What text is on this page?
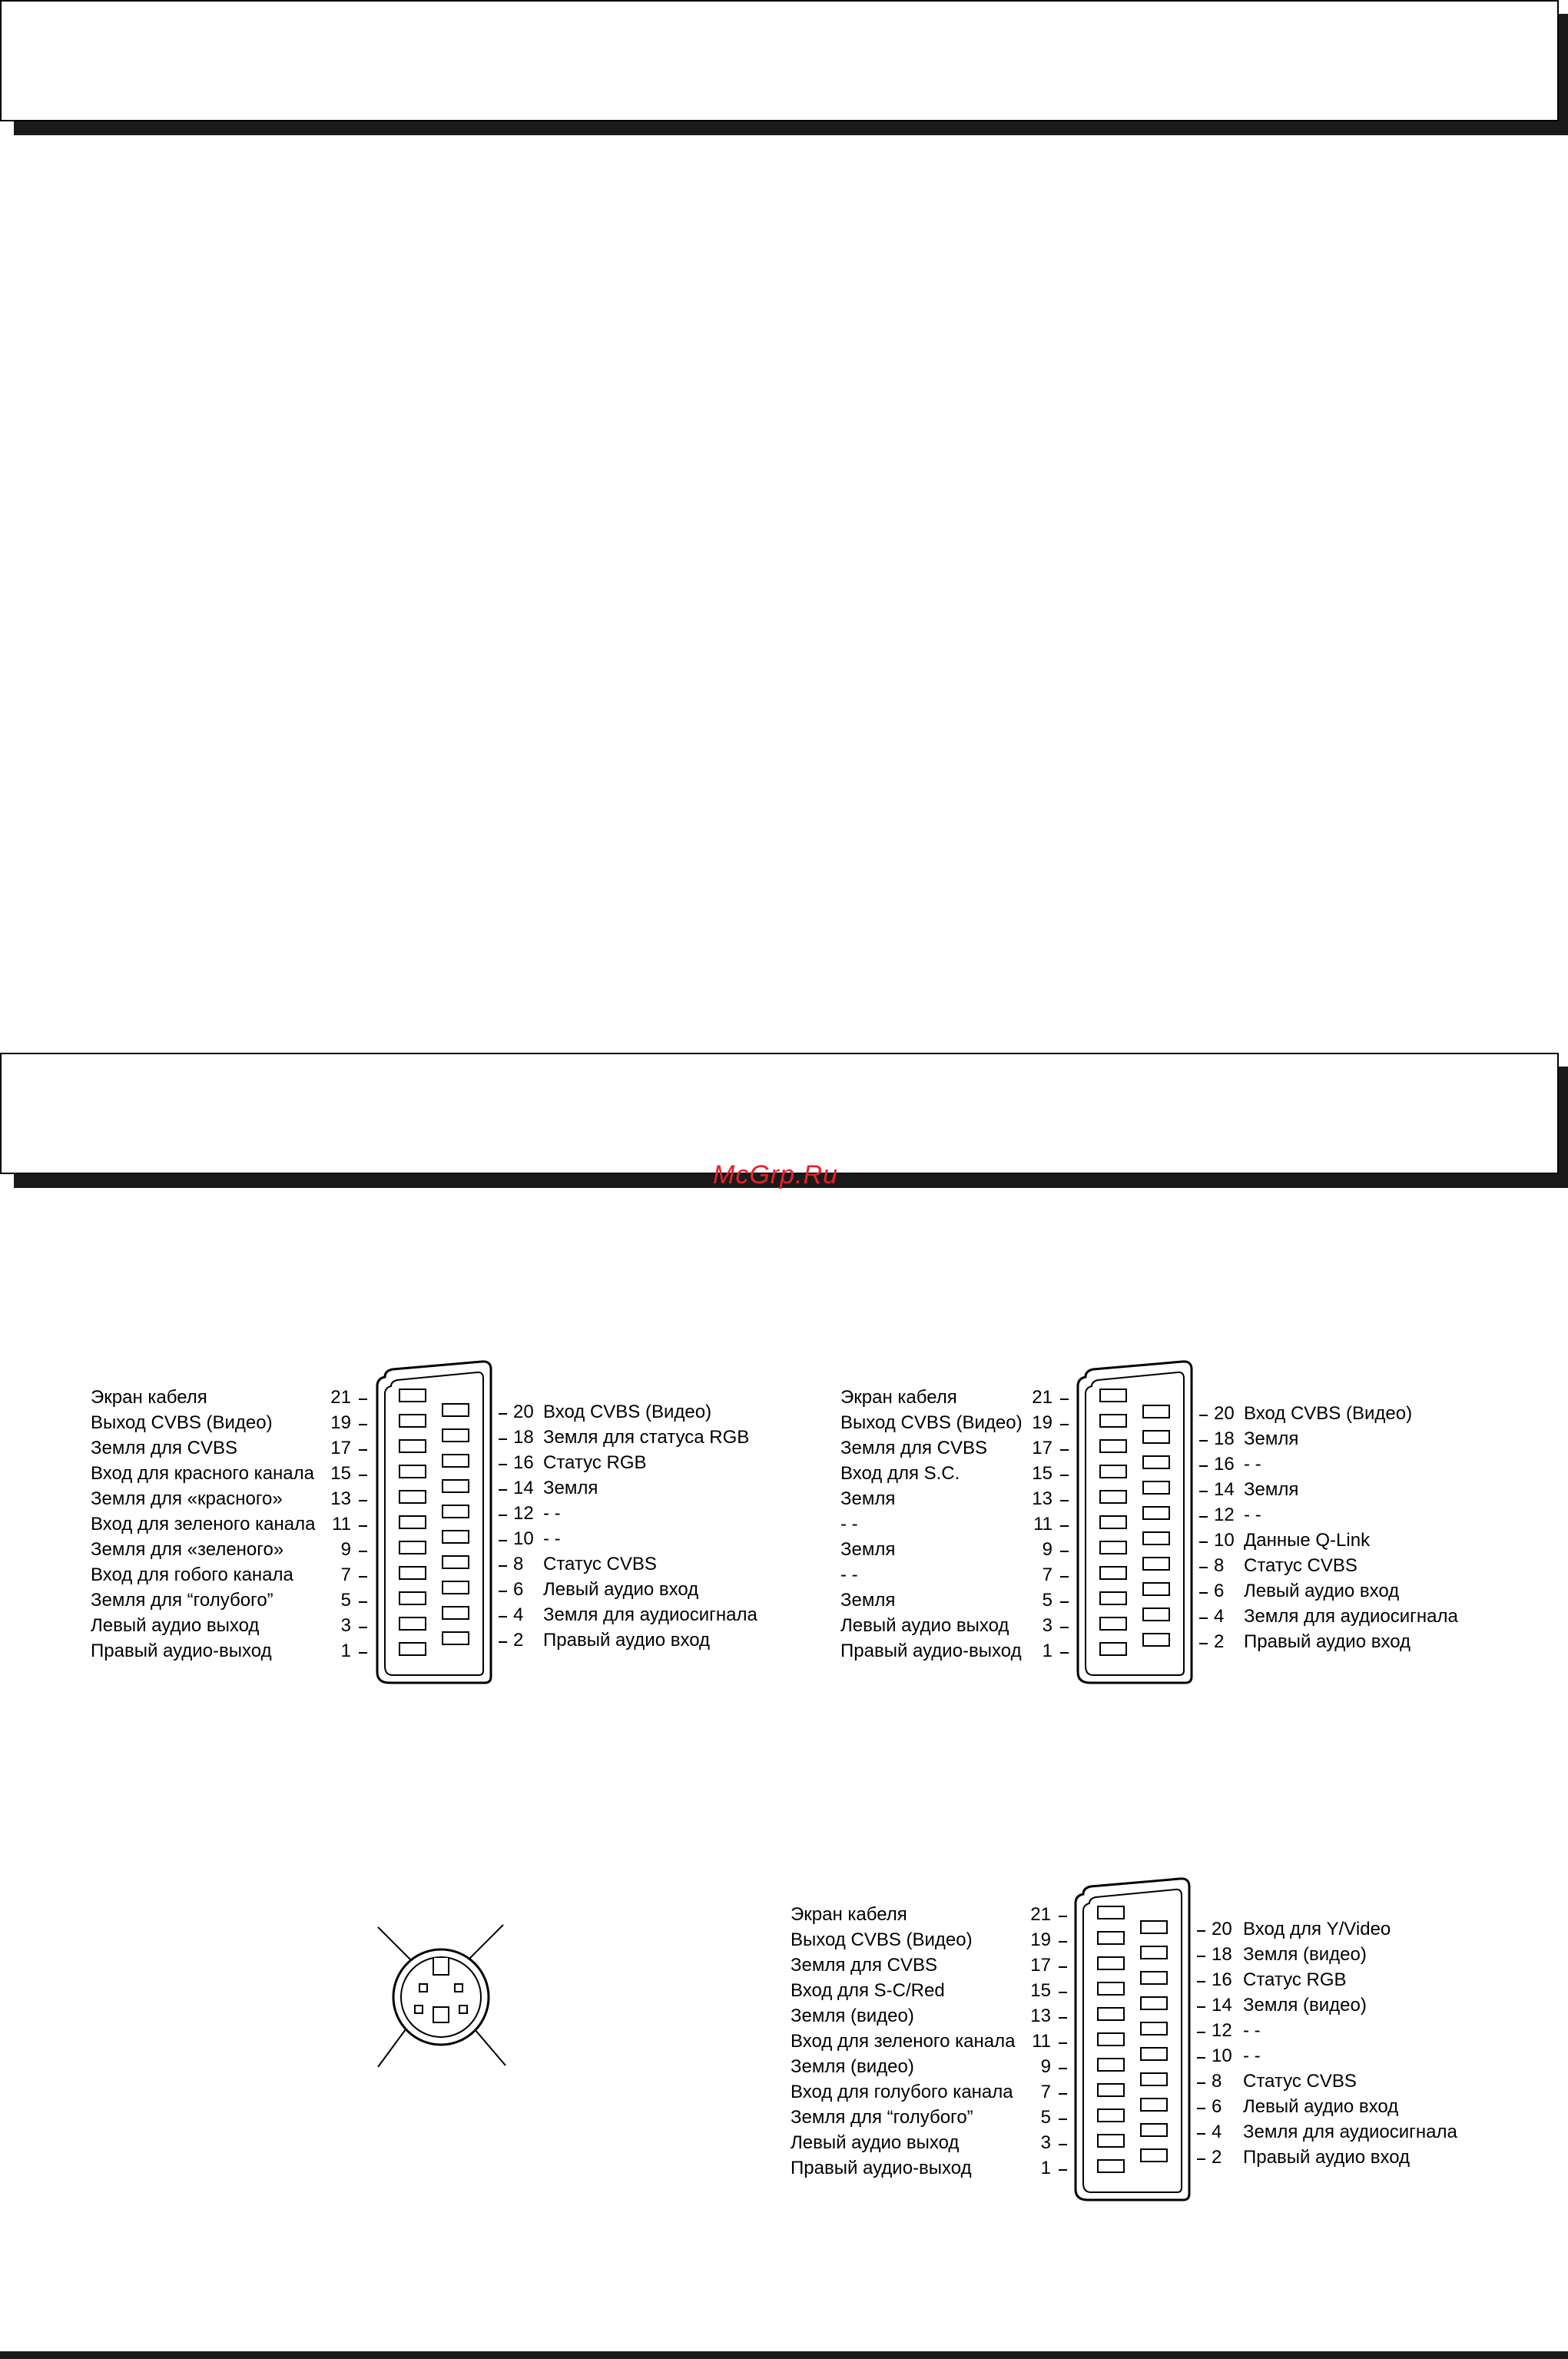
McGrp.Ru
Экран кабеля	21
Выход CVBS (Видео)	19
Земля для CVBS	17
Вход для красного канала 15
Земля для «красного»	13
Вход для зеленого канала 11
Земля для «зеленого»	9
Вход для гобого канала	7
Земля для “голубого”	5
Левый аудио выход	3
Правый аудио-выход	1
20 Вход CVBS (Видео)
18 Земля для статуса RGB
16 Статус RGB
14 Земля
12 - -
10 - -
8	Статус CVBS
6	Левый аудио вход
4	Земля для аудиосигнала
2	Правый аудио вход
Экран кабеля	21
Выход CVBS (Видео) 19
Земля для CVBS	17
Вход для S.C.	15
Земля	13
- -	11
Земля	9
- -	7
Земля	5
Левый аудио выход	3
Правый аудио-выход	1
20 Вход CVBS (Видео)
18 Земля
16 - -
14 Земля
12 - -
10 Данные Q-Link
8	Статус CVBS
6	Левый аудио вход
4	Земля для аудиосигнала
2	Правый аудио вход
Экран кабеля	21
Выход CVBS (Видео)	19
Земля для CVBS	17
Вход для S-C/Red	15
Земля (видео)	13
Вход для зеленого канала 11
Земля (видео)	9
Вход для голубого канала	7
Земля для “голубого”	5
Левый аудио выход	3
Правый аудио-выход	1
20 Вход для Y/Video
18 Земля (видео)
16 Статус RGB
14 Земля (видео)
12 - -
10 - -
8	Статус CVBS
6	Левый аудио вход
4	Земля для аудиосигнала
2	Правый аудио вход
